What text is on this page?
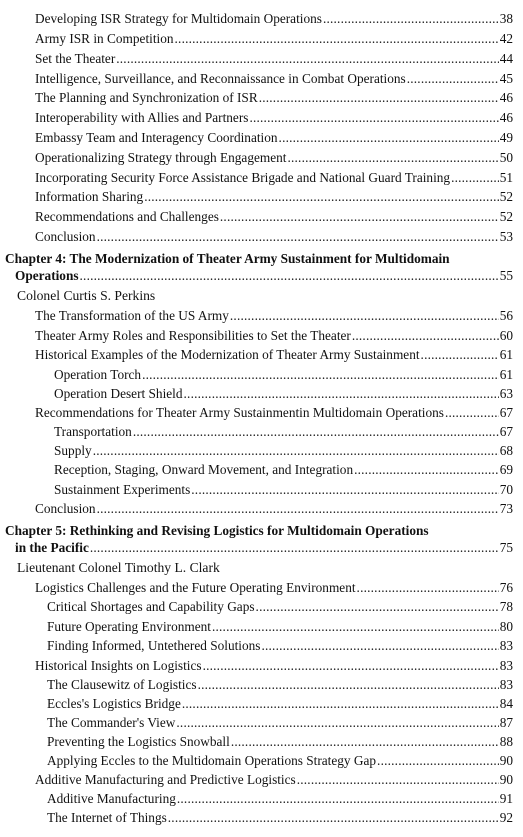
Developing ISR Strategy for Multidomain Operations .....	38
Army ISR in Competition .....	42
Set the Theater .....	44
Intelligence, Surveillance, and Reconnaissance in Combat Operations .....	45
The Planning and Synchronization of ISR .....	46
Interoperability with Allies and Partners .....	46
Embassy Team and Interagency Coordination .....	49
Operationalizing Strategy through Engagement .....	50
Incorporating Security Force Assistance Brigade and National Guard Training .....	51
Information Sharing .....	52
Recommendations and Challenges .....	52
Conclusion .....	53
Chapter 4: The Modernization of Theater Army Sustainment for Multidomain
Operations .....	55
Colonel Curtis S. Perkins
The Transformation of the US Army .....	56
Theater Army Roles and Responsibilities to Set the Theater .....	60
Historical Examples of the Modernization of Theater Army Sustainment .....	61
Operation Torch .....	61
Operation Desert Shield .....	63
Recommendations for Theater Army Sustainmentin Multidomain Operations .....	67
Transportation .....	67
Supply .....	68
Reception, Staging, Onward Movement, and Integration .....	69
Sustainment Experiments .....	70
Conclusion .....	73
Chapter 5: Rethinking and Revising Logistics for Multidomain Operations
in the Pacific .....	75
Lieutenant Colonel Timothy L. Clark
Logistics Challenges and the Future Operating Environment .....	76
Critical Shortages and Capability Gaps .....	78
Future Operating Environment .....	80
Finding Informed, Untethered Solutions .....	83
Historical Insights on Logistics .....	83
The Clausewitz of Logistics .....	83
Eccles's Logistics Bridge .....	84
The Commander's View .....	87
Preventing the Logistics Snowball .....	88
Applying Eccles to the Multidomain Operations Strategy Gap .....	90
Additive Manufacturing and Predictive Logistics .....	90
Additive Manufacturing .....	91
The Internet of Things .....	92
